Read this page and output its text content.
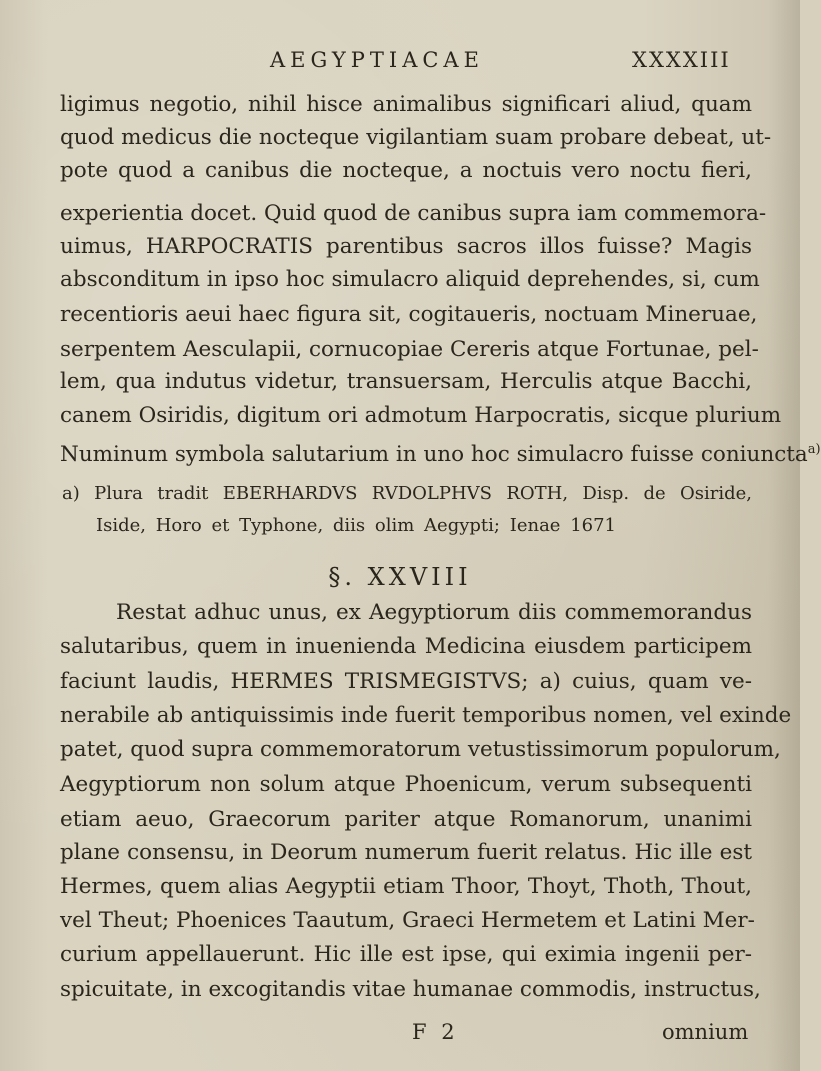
AEGYPTIACAE	XXXXIII
ligimus negotio, nihil hisce animalibus significari aliud, quam
quod medicus die nocteque vigilantiam suam probare debeat, ut-
pote quod a canibus die nocteque, a noctuis vero noctu fieri,
experientia docet. Quid quod de canibus supra iam commemora-
uimus, HARPOCRATIS parentibus sacros illos fuisse? Magis
absconditum in ipso hoc simulacro aliquid deprehendes, si, cum
recentioris aeui haec figura sit, cogitaueris, noctuam Mineruae,
serpentem Aesculapii, cornucopiae Cereris atque Fortunae, pel-
lem, qua indutus videtur, transuersam, Herculis atque Bacchi,
canem Osiridis, digitum ori admotum Harpocratis, sicque plurium
Numinum symbola salutarium in uno hoc simulacro fuisse coniuncta$^{a)}$
a) Plura tradit EBERHARDVS RVDOLPHVS ROTH, Disp. de Osiride,
Iside, Horo et Typhone, diis olim Aegypti; Ienae 1671
§. XXVIII
Restat adhuc unus, ex Aegyptiorum diis commemorandus
salutaribus, quem in inuenienda Medicina eiusdem participem
faciunt laudis, HERMES TRISMEGISTVS; a) cuius, quam ve-
nerabile ab antiquissimis inde fuerit temporibus nomen, vel exinde
patet, quod supra commemoratorum vetustissimorum populorum,
Aegyptiorum non solum atque Phoenicum, verum subsequenti
etiam aeuo, Graecorum pariter atque Romanorum, unanimi
plane consensu, in Deorum numerum fuerit relatus. Hic ille est
Hermes, quem alias Aegyptii etiam Thoor, Thoyt, Thoth, Thout,
vel Theut; Phoenices Taautum, Graeci Hermetem et Latini Mer-
curium appellauerunt. Hic ille est ipse, qui eximia ingenii per-
spicuitate, in excogitandis vitae humanae commodis, instructus,
F 2	omnium
